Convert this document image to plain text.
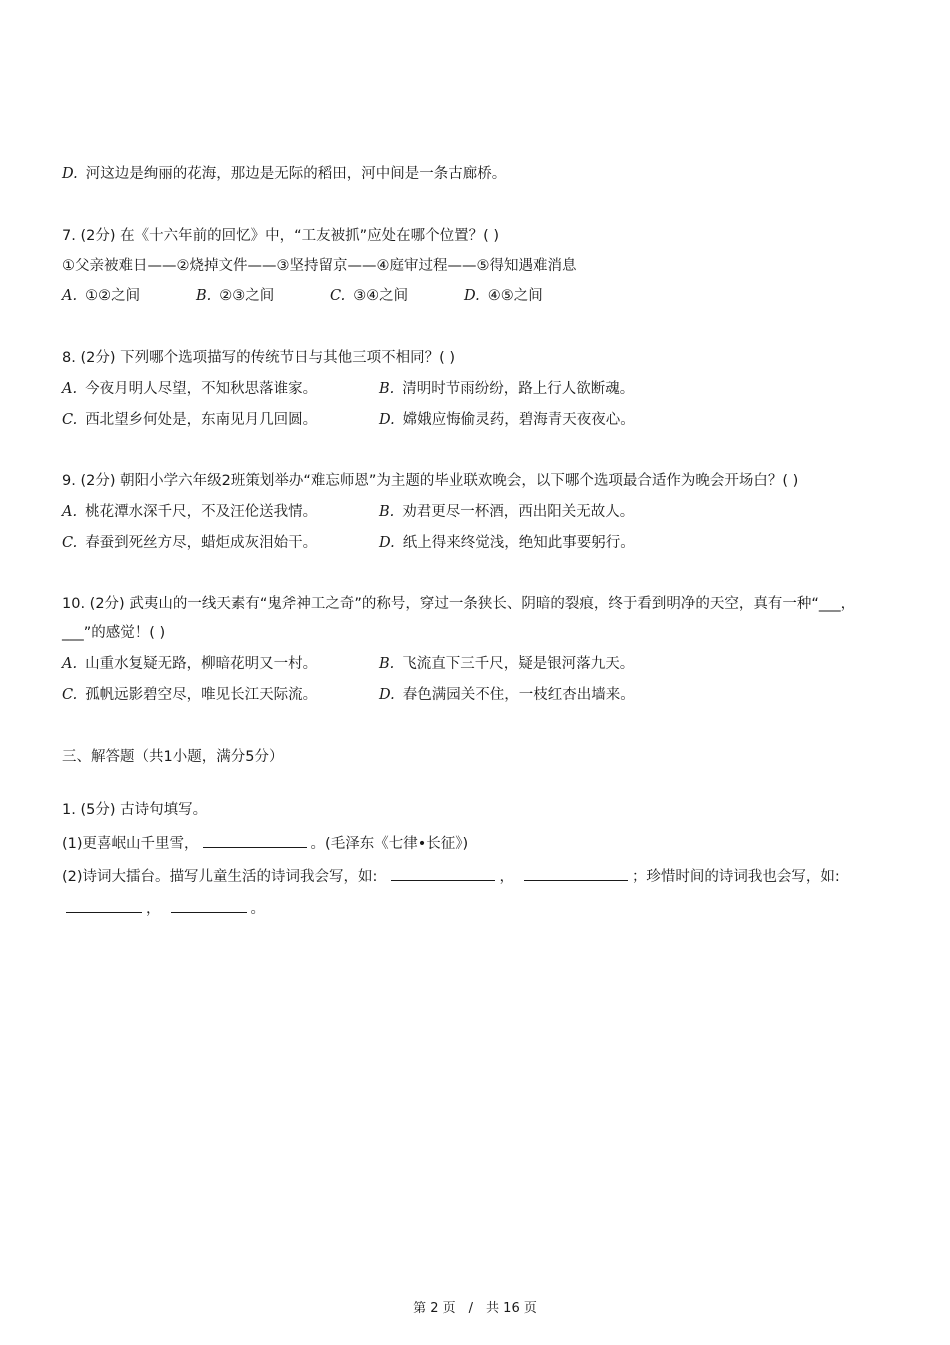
D. 河这边是绚丽的花海，那边是无际的稻田，河中间是一条古廊桥。
7. (2分) 在《十六年前的回忆》中，“工友被抓”应处在哪个位置？( )
①父亲被难日——②烧掉文件——③坚持留京——④庭审过程——⑤得知遇难消息
A. ①②之间	B. ②③之间	C. ③④之间	D. ④⑤之间
8. (2分) 下列哪个选项描写的传统节日与其他三项不相同？( )
A. 今夜月明人尽望，不知秋思落谁家。	B. 清明时节雨纷纷，路上行人欲断魂。
C. 西北望乡何处是，东南见月几回圆。	D. 嫦娥应悔偷灵药，碧海青天夜夜心。
9. (2分) 朝阳小学六年级2班策划举办“难忘师恩”为主题的毕业联欢晚会，以下哪个选项最合适作为晚会开场白？( )
A. 桃花潭水深千尺，不及汪伦送我情。	B. 劝君更尽一杯酒，西出阳关无故人。
C. 春蚕到死丝方尽，蜡炬成灰泪始干。	D. 纸上得来终觉浅，绝知此事要躬行。
10. (2分) 武夷山的一线天素有“鬼斧神工之奇”的称号，穿过一条狭长、阴暗的裂痕，终于看到明净的天空，真有一种“___，
___”的感觉！( )
A. 山重水复疑无路，柳暗花明又一村。	B. 飞流直下三千尺，疑是银河落九天。
C. 孤帆远影碧空尽，唯见长江天际流。	D. 春色满园关不住，一枝红杏出墙来。
三、解答题（共1小题，满分5分）
1. (5分) 古诗句填写。
(1)更喜岷山千里雪，	。(毛泽东《七律•长征》)
(2)诗词大擂台。描写儿童生活的诗词我会写，如:	，	；珍惜时间的诗词我也会写，如:
，	。
第 2 页　/　共 16 页
